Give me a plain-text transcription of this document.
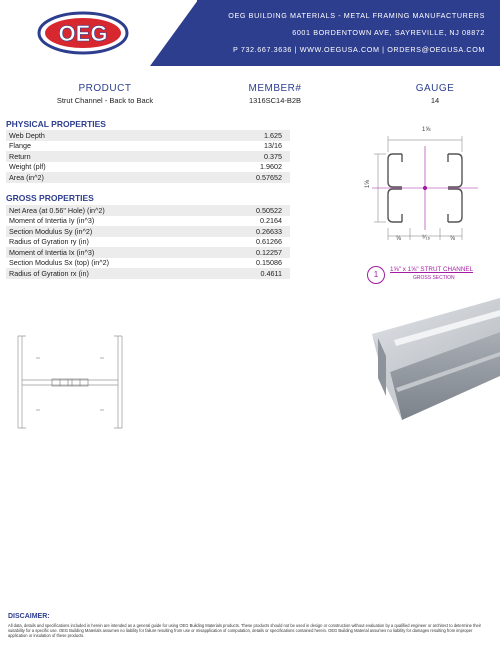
OEG
OEG BUILDING MATERIALS - METAL FRAMING MANUFACTURERS
6001 BORDENTOWN AVE, SAYREVILLE, NJ 08872
P 732.667.3636 | WWW.OEGUSA.COM | ORDERS@OEGUSA.COM
PRODUCT
Strut Channel - Back to Back
MEMBER#
1316SC14-B2B
GAUGE
14
PHYSICAL PROPERTIES
Web Depth	1.625
Flange	13/16
Return	0.375
Weight (plf)	1.9602
Area (in^2)	0.57652
GROSS PROPERTIES
Net Area (at 0.56" Hole) (in^2)	0.50522
Moment of Intertia Iy (in^3)	0.2164
Section Modulus Sy (in^2)	0.26633
Radius of Gyration ry (in)	0.61266
Moment of Intertia Ix (in^3)	0.12257
Section Modulus Sx (top) (in^2)	0.15086
Radius of Gyration rx (in)	0.4611
1⅝
1⅝
⅝	⁹⁄₁₆	⅝
1
1⅝" x 1⅝" STRUT CHANNEL
GROSS SECTION
DISCAIMER:
All data, details and specifications included in herein are intended as a general guide for using OEG Building Materials products. These products should not be used in design or construction without evaluation by a qualified engineer or architect to determine their suitability for a specific use. OEG Building Materials assumes no liability for failure resulting from use or misapplication of computation, details or specifications contained herein. OEG Building Material assumes no liability for damages resulting from improper application or insulation of these products.
